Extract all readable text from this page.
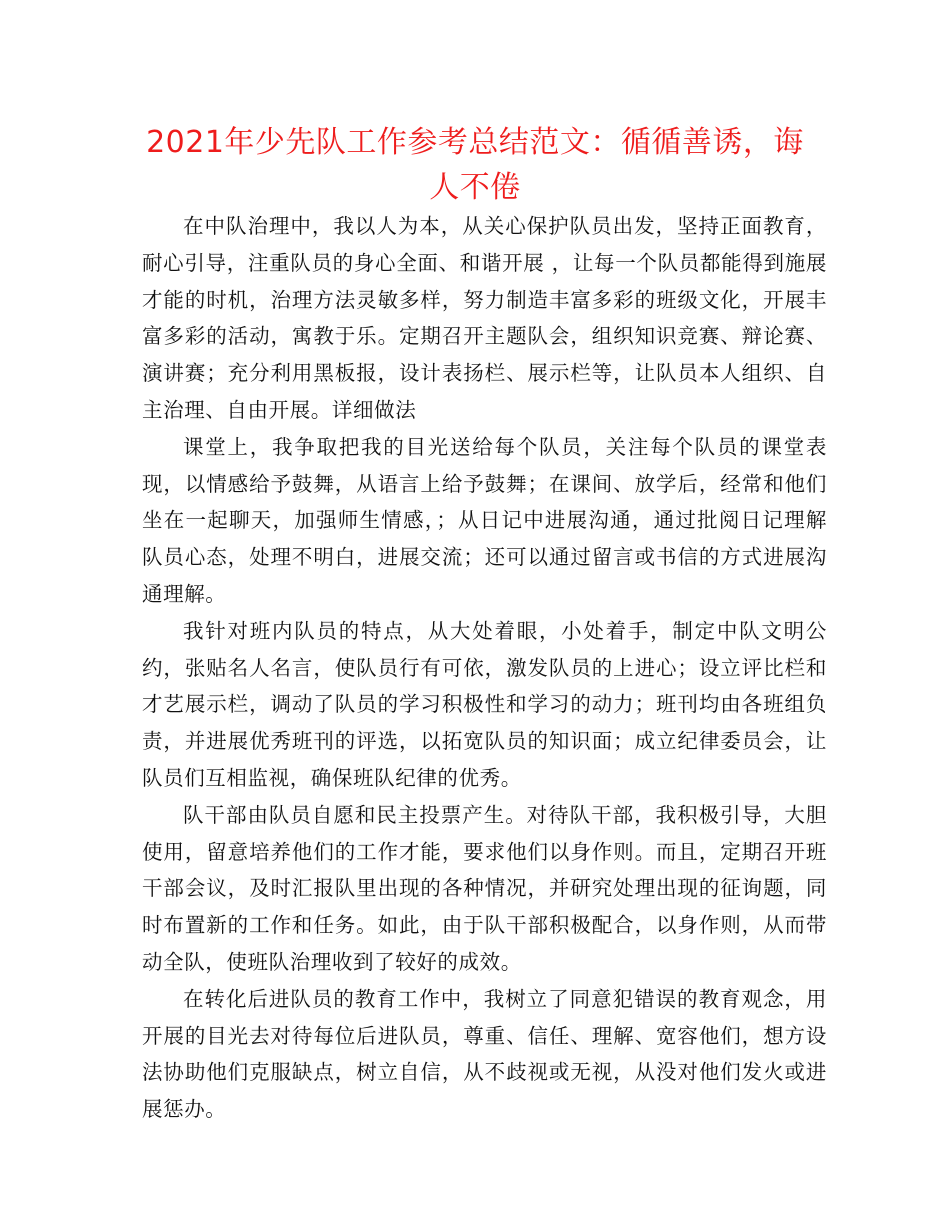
2021年少先队工作参考总结范文：循循善诱，诲人不倦

在中队治理中，我以人为本，从关心保护队员出发，坚持正面教育，耐心引导，注重队员的身心全面、和谐开展 ，让每一个队员都能得到施展才能的时机，治理方法灵敏多样，努力制造丰富多彩的班级文化，开展丰富多彩的活动，寓教于乐。定期召开主题队会，组织知识竞赛、辩论赛、演讲赛；充分利用黑板报，设计表扬栏、展示栏等，让队员本人组织、自主治理、自由开展。详细做法

课堂上，我争取把我的目光送给每个队员，关注每个队员的课堂表现，以情感给予鼓舞，从语言上给予鼓舞；在课间、放学后，经常和他们坐在一起聊天，加强师生情感，；从日记中进展沟通，通过批阅日记理解队员心态，处理不明白，进展交流；还可以通过留言或书信的方式进展沟通理解。

我针对班内队员的特点，从大处着眼，小处着手，制定中队文明公约，张贴名人名言，使队员行有可依，激发队员的上进心；设立评比栏和才艺展示栏，调动了队员的学习积极性和学习的动力；班刊均由各班组负责，并进展优秀班刊的评选，以拓宽队员的知识面；成立纪律委员会，让队员们互相监视，确保班队纪律的优秀。

队干部由队员自愿和民主投票产生。对待队干部，我积极引导，大胆使用，留意培养他们的工作才能，要求他们以身作则。而且，定期召开班干部会议，及时汇报队里出现的各种情况，并研究处理出现的征询题，同时布置新的工作和任务。如此，由于队干部积极配合，以身作则，从而带动全队，使班队治理收到了较好的成效。

在转化后进队员的教育工作中，我树立了同意犯错误的教育观念，用开展的目光去对待每位后进队员，尊重、信任、理解、宽容他们，想方设法协助他们克服缺点，树立自信，从不歧视或无视，从没对他们发火或进展惩办。
